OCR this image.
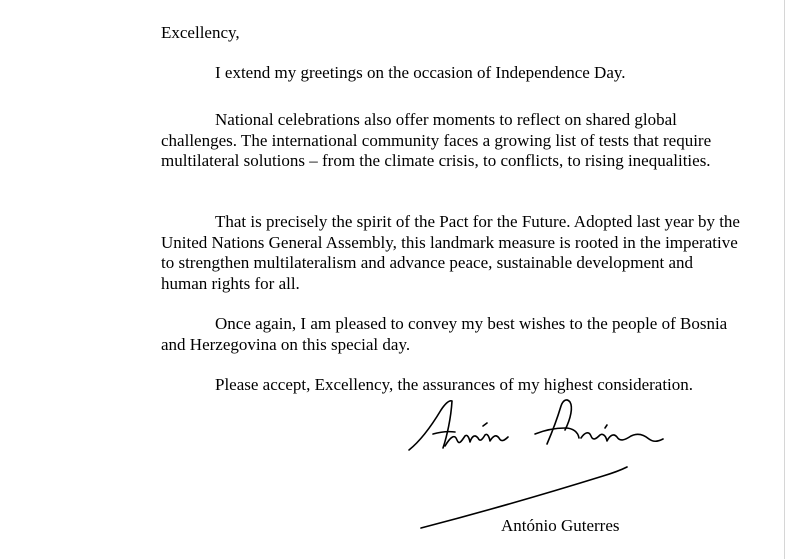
Excellency,

I extend my greetings on the occasion of Independence Day.

National celebrations also offer moments to reflect on shared global challenges. The international community faces a growing list of tests that require multilateral solutions – from the climate crisis, to conflicts, to rising inequalities.

That is precisely the spirit of the Pact for the Future. Adopted last year by the United Nations General Assembly, this landmark measure is rooted in the imperative to strengthen multilateralism and advance peace, sustainable development and human rights for all.

Once again, I am pleased to convey my best wishes to the people of Bosnia and Herzegovina on this special day.

Please accept, Excellency, the assurances of my highest consideration.

António Guterres
